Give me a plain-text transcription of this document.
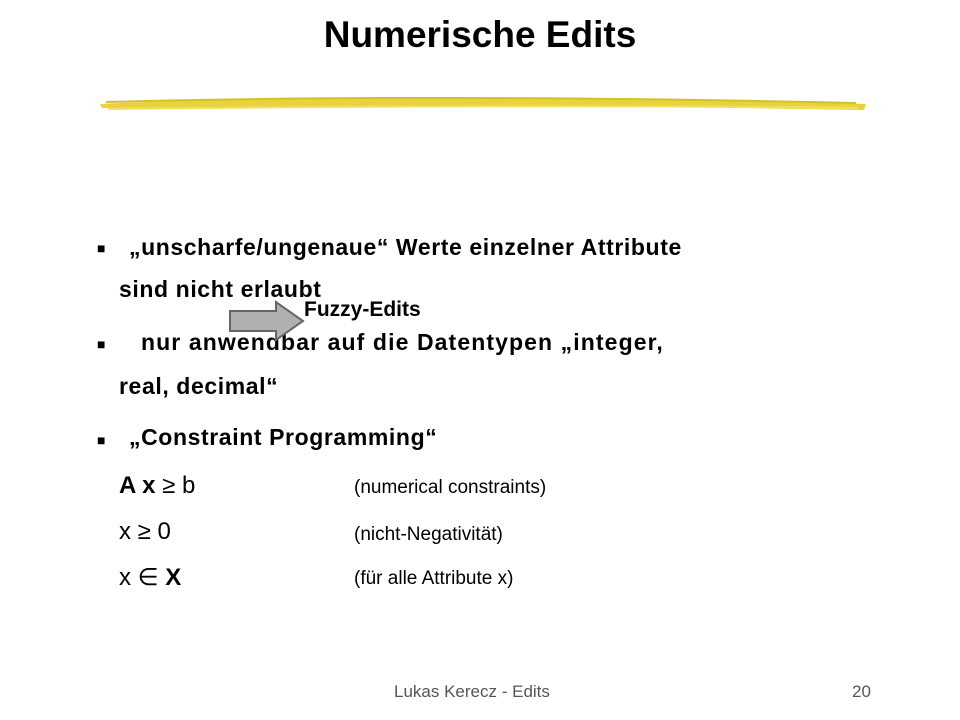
Numerische Edits
■ „unscharfe/ungenaue“ Werte einzelner Attribute
sind nicht erlaubt
■ nur anwendbar auf die Datentypen „integer,
real, decimal“
Fuzzy-Edits
■ „Constraint Programming“
A x ≥ b	(numerical constraints)
x ≥ 0	(nicht-Negativität)
x ∈ X	(für alle Attribute x)
Lukas Kerecz - Edits	20
